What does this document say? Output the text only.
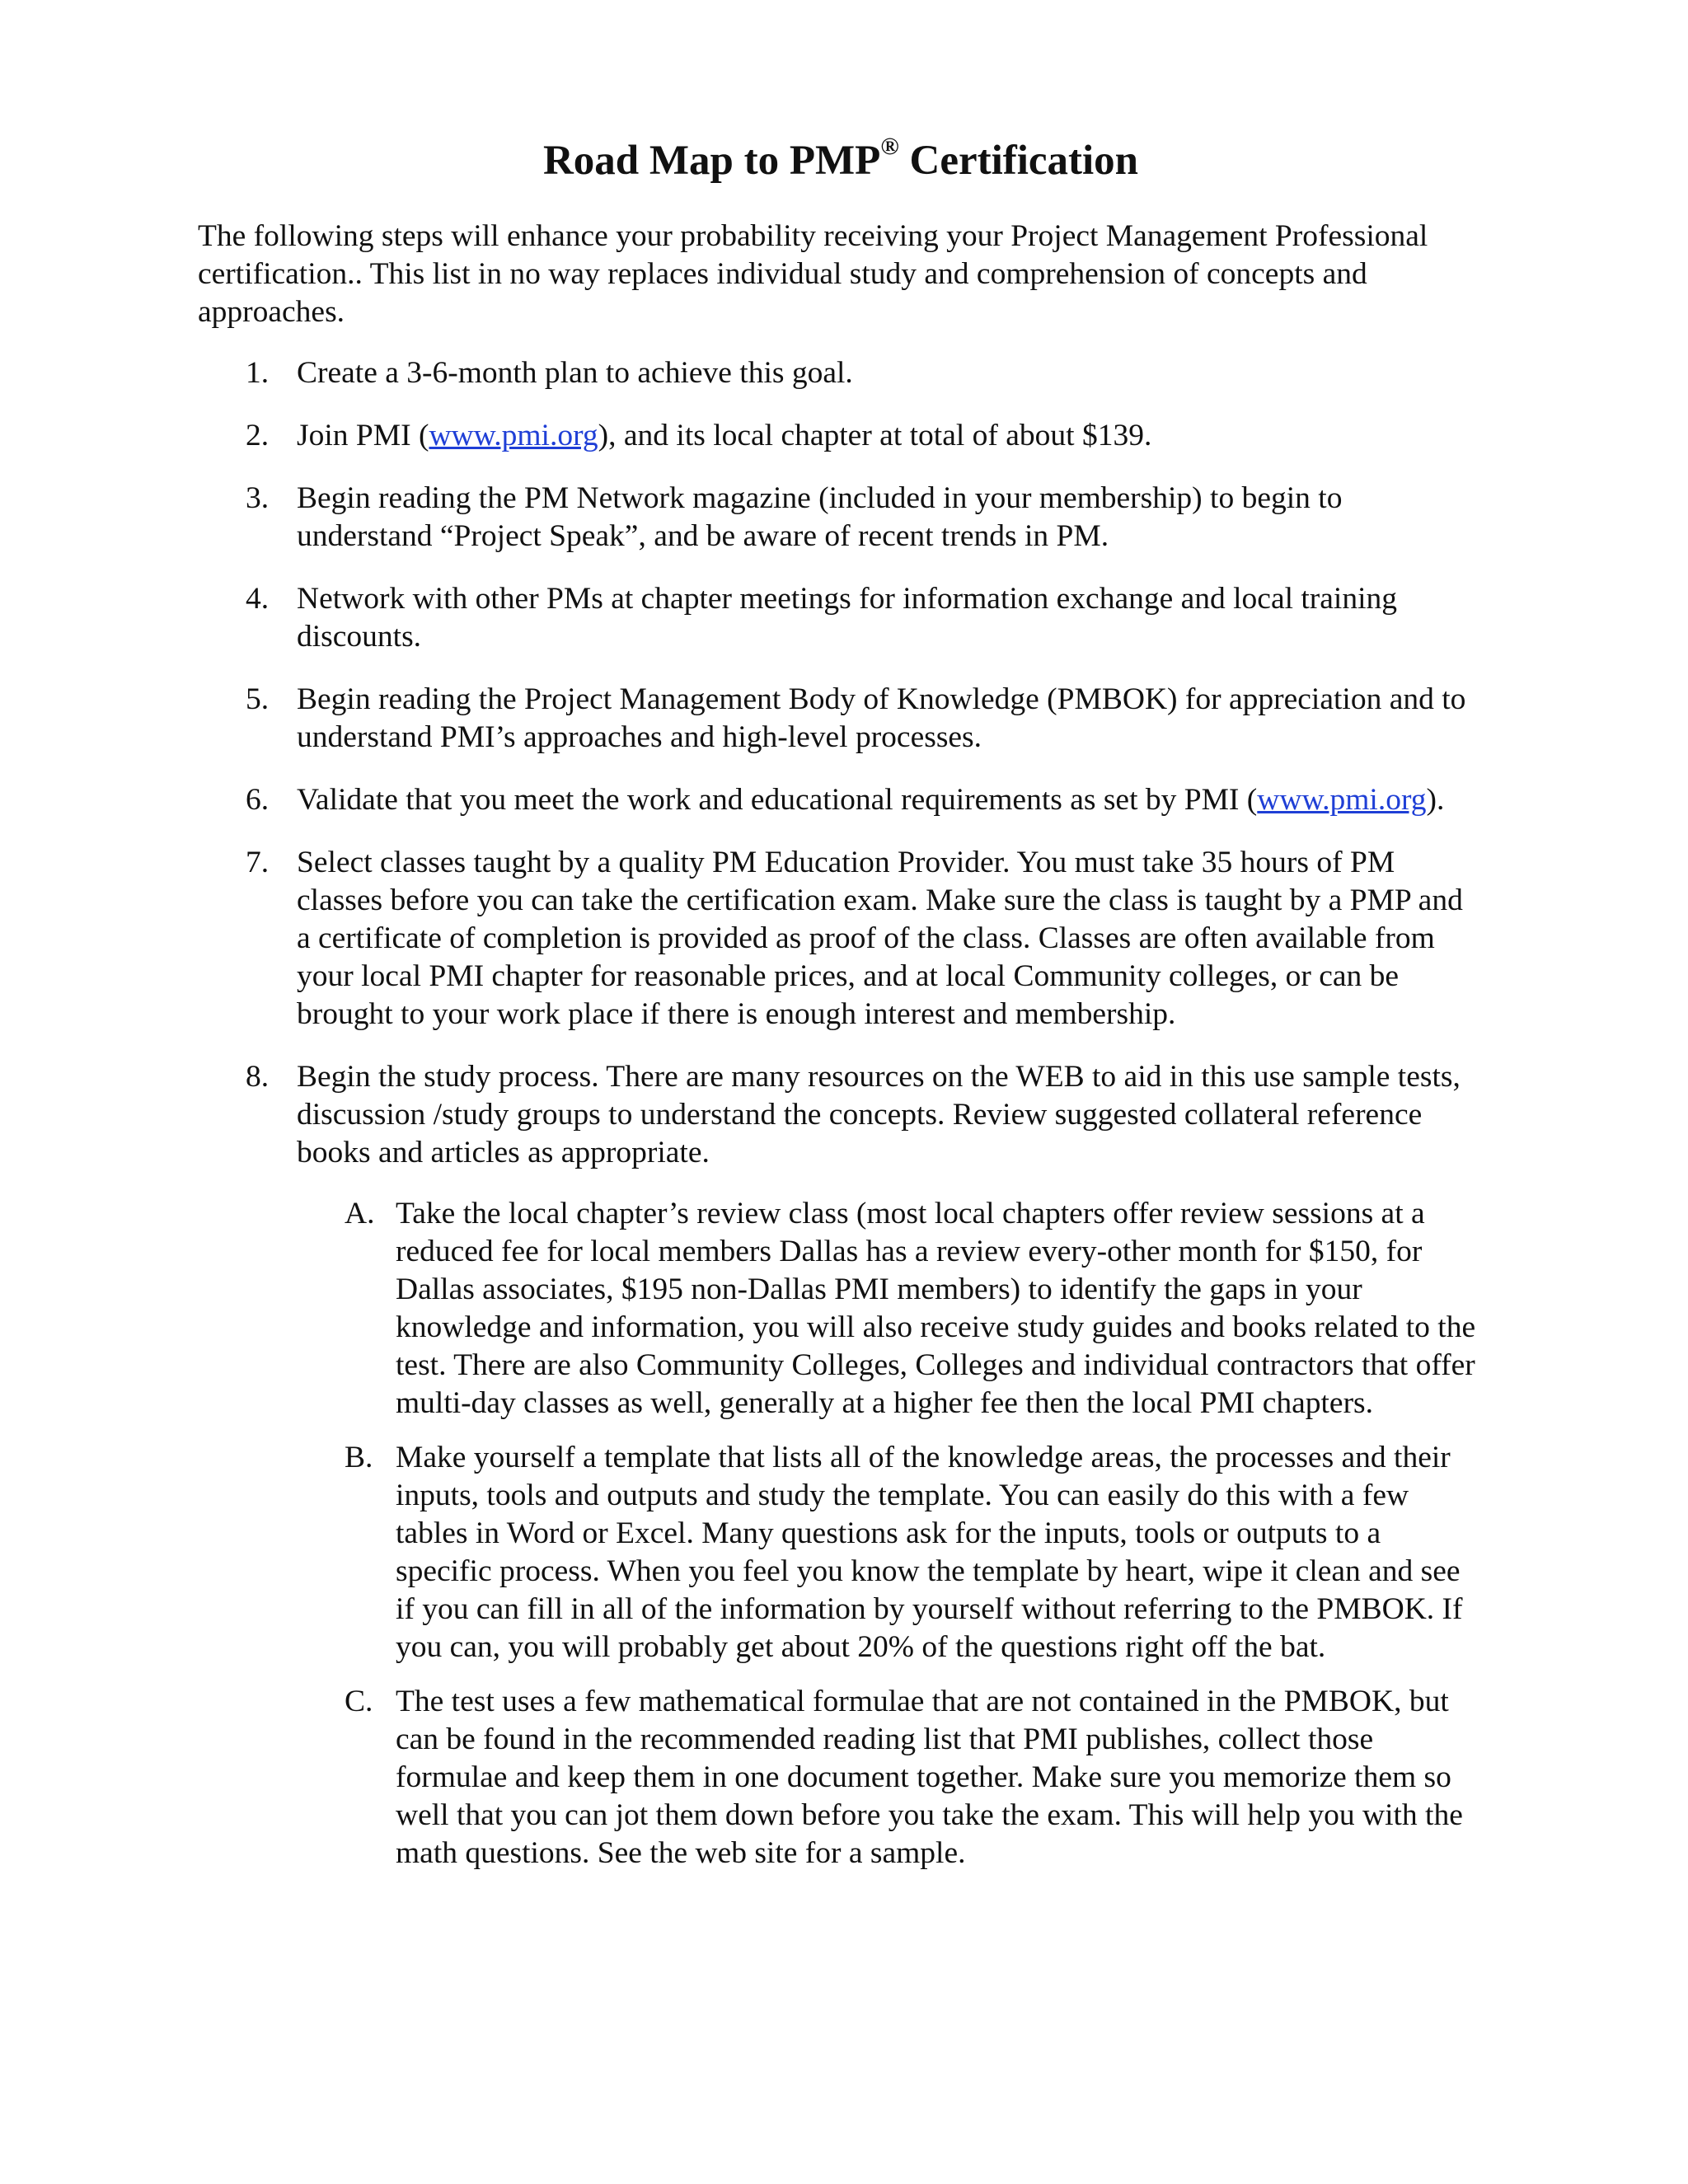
Road Map to PMP® Certification

The following steps will enhance your probability receiving your Project Management Professional certification.. This list in no way replaces individual study and comprehension of concepts and approaches.

1. Create a 3-6-month plan to achieve this goal.
2. Join PMI (www.pmi.org), and its local chapter at total of about $139.
3. Begin reading the PM Network magazine (included in your membership) to begin to understand “Project Speak”, and be aware of recent trends in PM.
4. Network with other PMs at chapter meetings for information exchange and local training discounts.
5. Begin reading the Project Management Body of Knowledge (PMBOK) for appreciation and to understand PMI’s approaches and high-level processes.
6. Validate that you meet the work and educational requirements as set by PMI (www.pmi.org).
7. Select classes taught by a quality PM Education Provider. You must take 35 hours of PM classes before you can take the certification exam. Make sure the class is taught by a PMP and a certificate of completion is provided as proof of the class. Classes are often available from your local PMI chapter for reasonable prices, and at local Community colleges, or can be brought to your work place if there is enough interest and membership.
8. Begin the study process. There are many resources on the WEB to aid in this use sample tests, discussion /study groups to understand the concepts. Review suggested collateral reference books and articles as appropriate.
A. Take the local chapter’s review class (most local chapters offer review sessions at a reduced fee for local members Dallas has a review every-other month for $150, for Dallas associates, $195 non-Dallas PMI members) to identify the gaps in your knowledge and information, you will also receive study guides and books related to the test. There are also Community Colleges, Colleges and individual contractors that offer multi-day classes as well, generally at a higher fee then the local PMI chapters.
B. Make yourself a template that lists all of the knowledge areas, the processes and their inputs, tools and outputs and study the template. You can easily do this with a few tables in Word or Excel. Many questions ask for the inputs, tools or outputs to a specific process. When you feel you know the template by heart, wipe it clean and see if you can fill in all of the information by yourself without referring to the PMBOK. If you can, you will probably get about 20% of the questions right off the bat.
C. The test uses a few mathematical formulae that are not contained in the PMBOK, but can be found in the recommended reading list that PMI publishes, collect those formulae and keep them in one document together. Make sure you memorize them so well that you can jot them down before you take the exam. This will help you with the math questions. See the web site for a sample.
